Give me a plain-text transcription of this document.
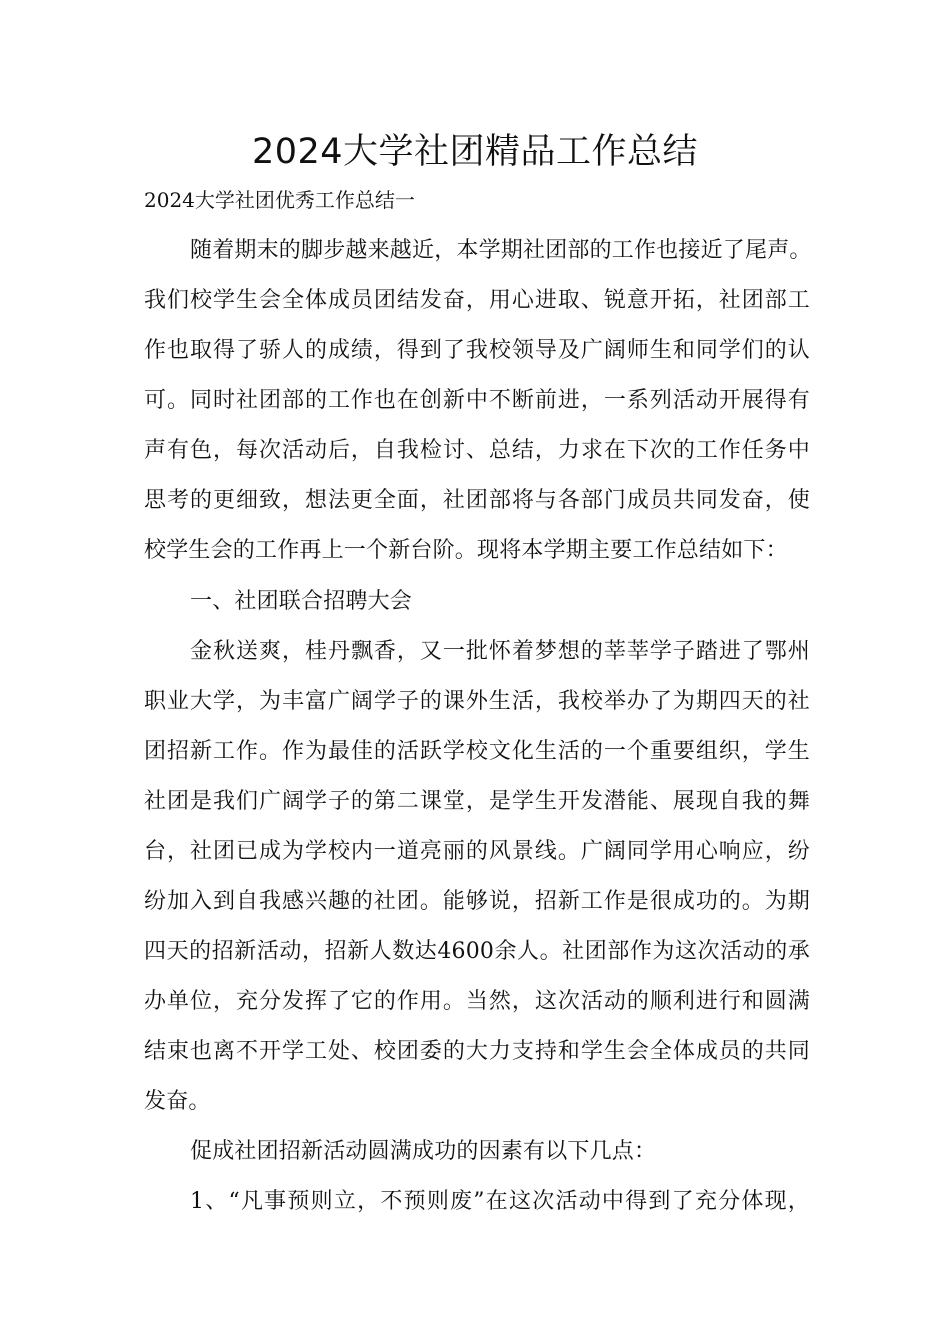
2024大学社团精品工作总结

2024大学社团优秀工作总结一

随着期末的脚步越来越近，本学期社团部的工作也接近了尾声。

我们校学生会全体成员团结发奋，用心进取、锐意开拓，社团部工

作也取得了骄人的成绩，得到了我校领导及广阔师生和同学们的认

可。同时社团部的工作也在创新中不断前进，一系列活动开展得有

声有色，每次活动后，自我检讨、总结，力求在下次的工作任务中

思考的更细致，想法更全面，社团部将与各部门成员共同发奋，使

校学生会的工作再上一个新台阶。现将本学期主要工作总结如下：

一、社团联合招聘大会

金秋送爽，桂丹飘香，又一批怀着梦想的莘莘学子踏进了鄂州

职业大学，为丰富广阔学子的课外生活，我校举办了为期四天的社

团招新工作。作为最佳的活跃学校文化生活的一个重要组织，学生

社团是我们广阔学子的第二课堂，是学生开发潜能、展现自我的舞

台，社团已成为学校内一道亮丽的风景线。广阔同学用心响应，纷

纷加入到自我感兴趣的社团。能够说，招新工作是很成功的。为期

四天的招新活动，招新人数达4600余人。社团部作为这次活动的承

办单位，充分发挥了它的作用。当然，这次活动的顺利进行和圆满

结束也离不开学工处、校团委的大力支持和学生会全体成员的共同

发奋。

促成社团招新活动圆满成功的因素有以下几点：

1、“凡事预则立，不预则废”在这次活动中得到了充分体现，
